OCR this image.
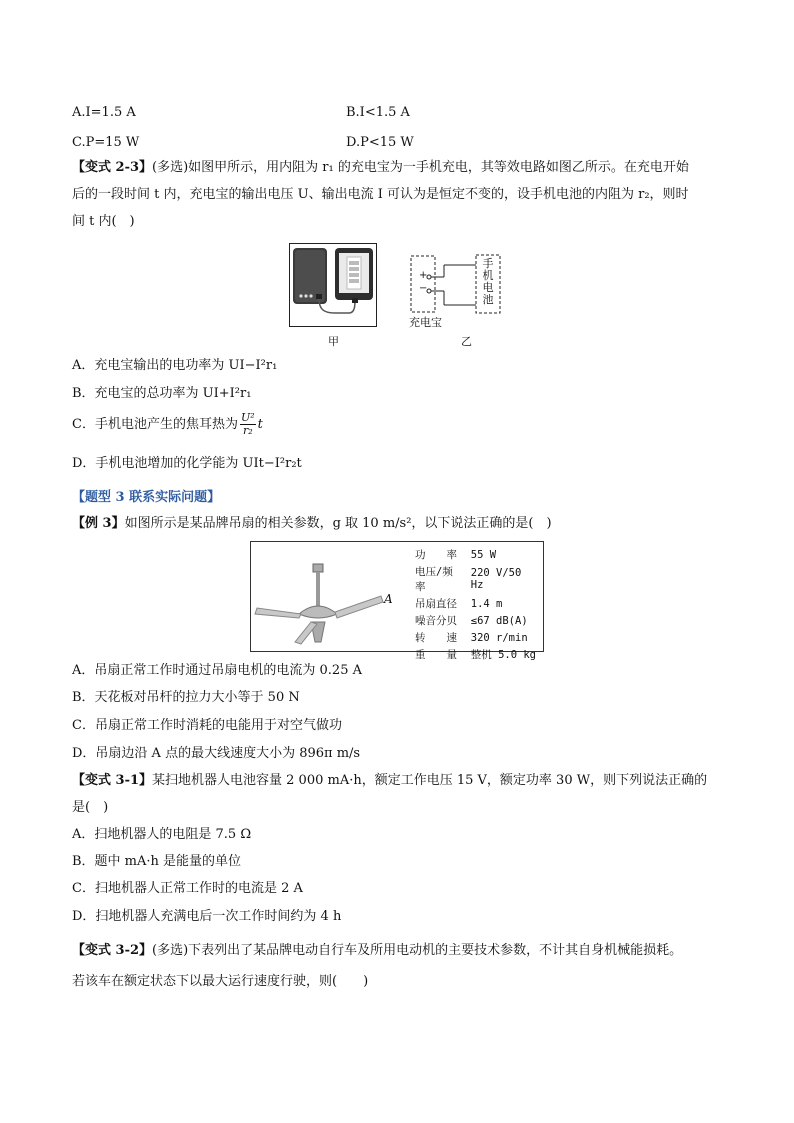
A.I=1.5 A	B.I<1.5 A
C.P=15 W	D.P<15 W
【变式 2-3】(多选)如图甲所示，用内阻为 r₁ 的充电宝为一手机充电，其等效电路如图乙所示。在充电开始
后的一段时间 t 内，充电宝的输出电压 U、输出电流 I 可认为是恒定不变的，设手机电池的内阻为 r₂，则时
间 t 内(　)
+
−
手
机
电
池
充电宝
甲	乙
A．充电宝输出的电功率为 UI−I²r₁
B．充电宝的总功率为 UI+I²r₁
C．手机电池产生的焦耳热为 $\frac{\text{U²}}{\text{r₂}}$ t
D．手机电池增加的化学能为 UIt−I²r₂t
【题型 3 联系实际问题】
【例 3】如图所示是某品牌吊扇的相关参数，g 取 10 m/s²，以下说法正确的是(　)
A
功　　率	55 W
电压/频率	220 V/50 Hz
吊扇直径	1.4 m
噪音分贝	≤67 dB(A)
转　　速	320 r/min
重　　量	整机 5.0 kg
A．吊扇正常工作时通过吊扇电机的电流为 0.25 A
B．天花板对吊杆的拉力大小等于 50 N
C．吊扇正常工作时消耗的电能用于对空气做功
D．吊扇边沿 A 点的最大线速度大小为 896π m/s
【变式 3-1】某扫地机器人电池容量 2 000 mA·h，额定工作电压 15 V，额定功率 30 W，则下列说法正确的
是(　)
A．扫地机器人的电阻是 7.5 Ω
B．题中 mA·h 是能量的单位
C．扫地机器人正常工作时的电流是 2 A
D．扫地机器人充满电后一次工作时间约为 4 h
【变式 3-2】(多选)下表列出了某品牌电动自行车及所用电动机的主要技术参数，不计其自身机械能损耗。
若该车在额定状态下以最大运行速度行驶，则(　　)
